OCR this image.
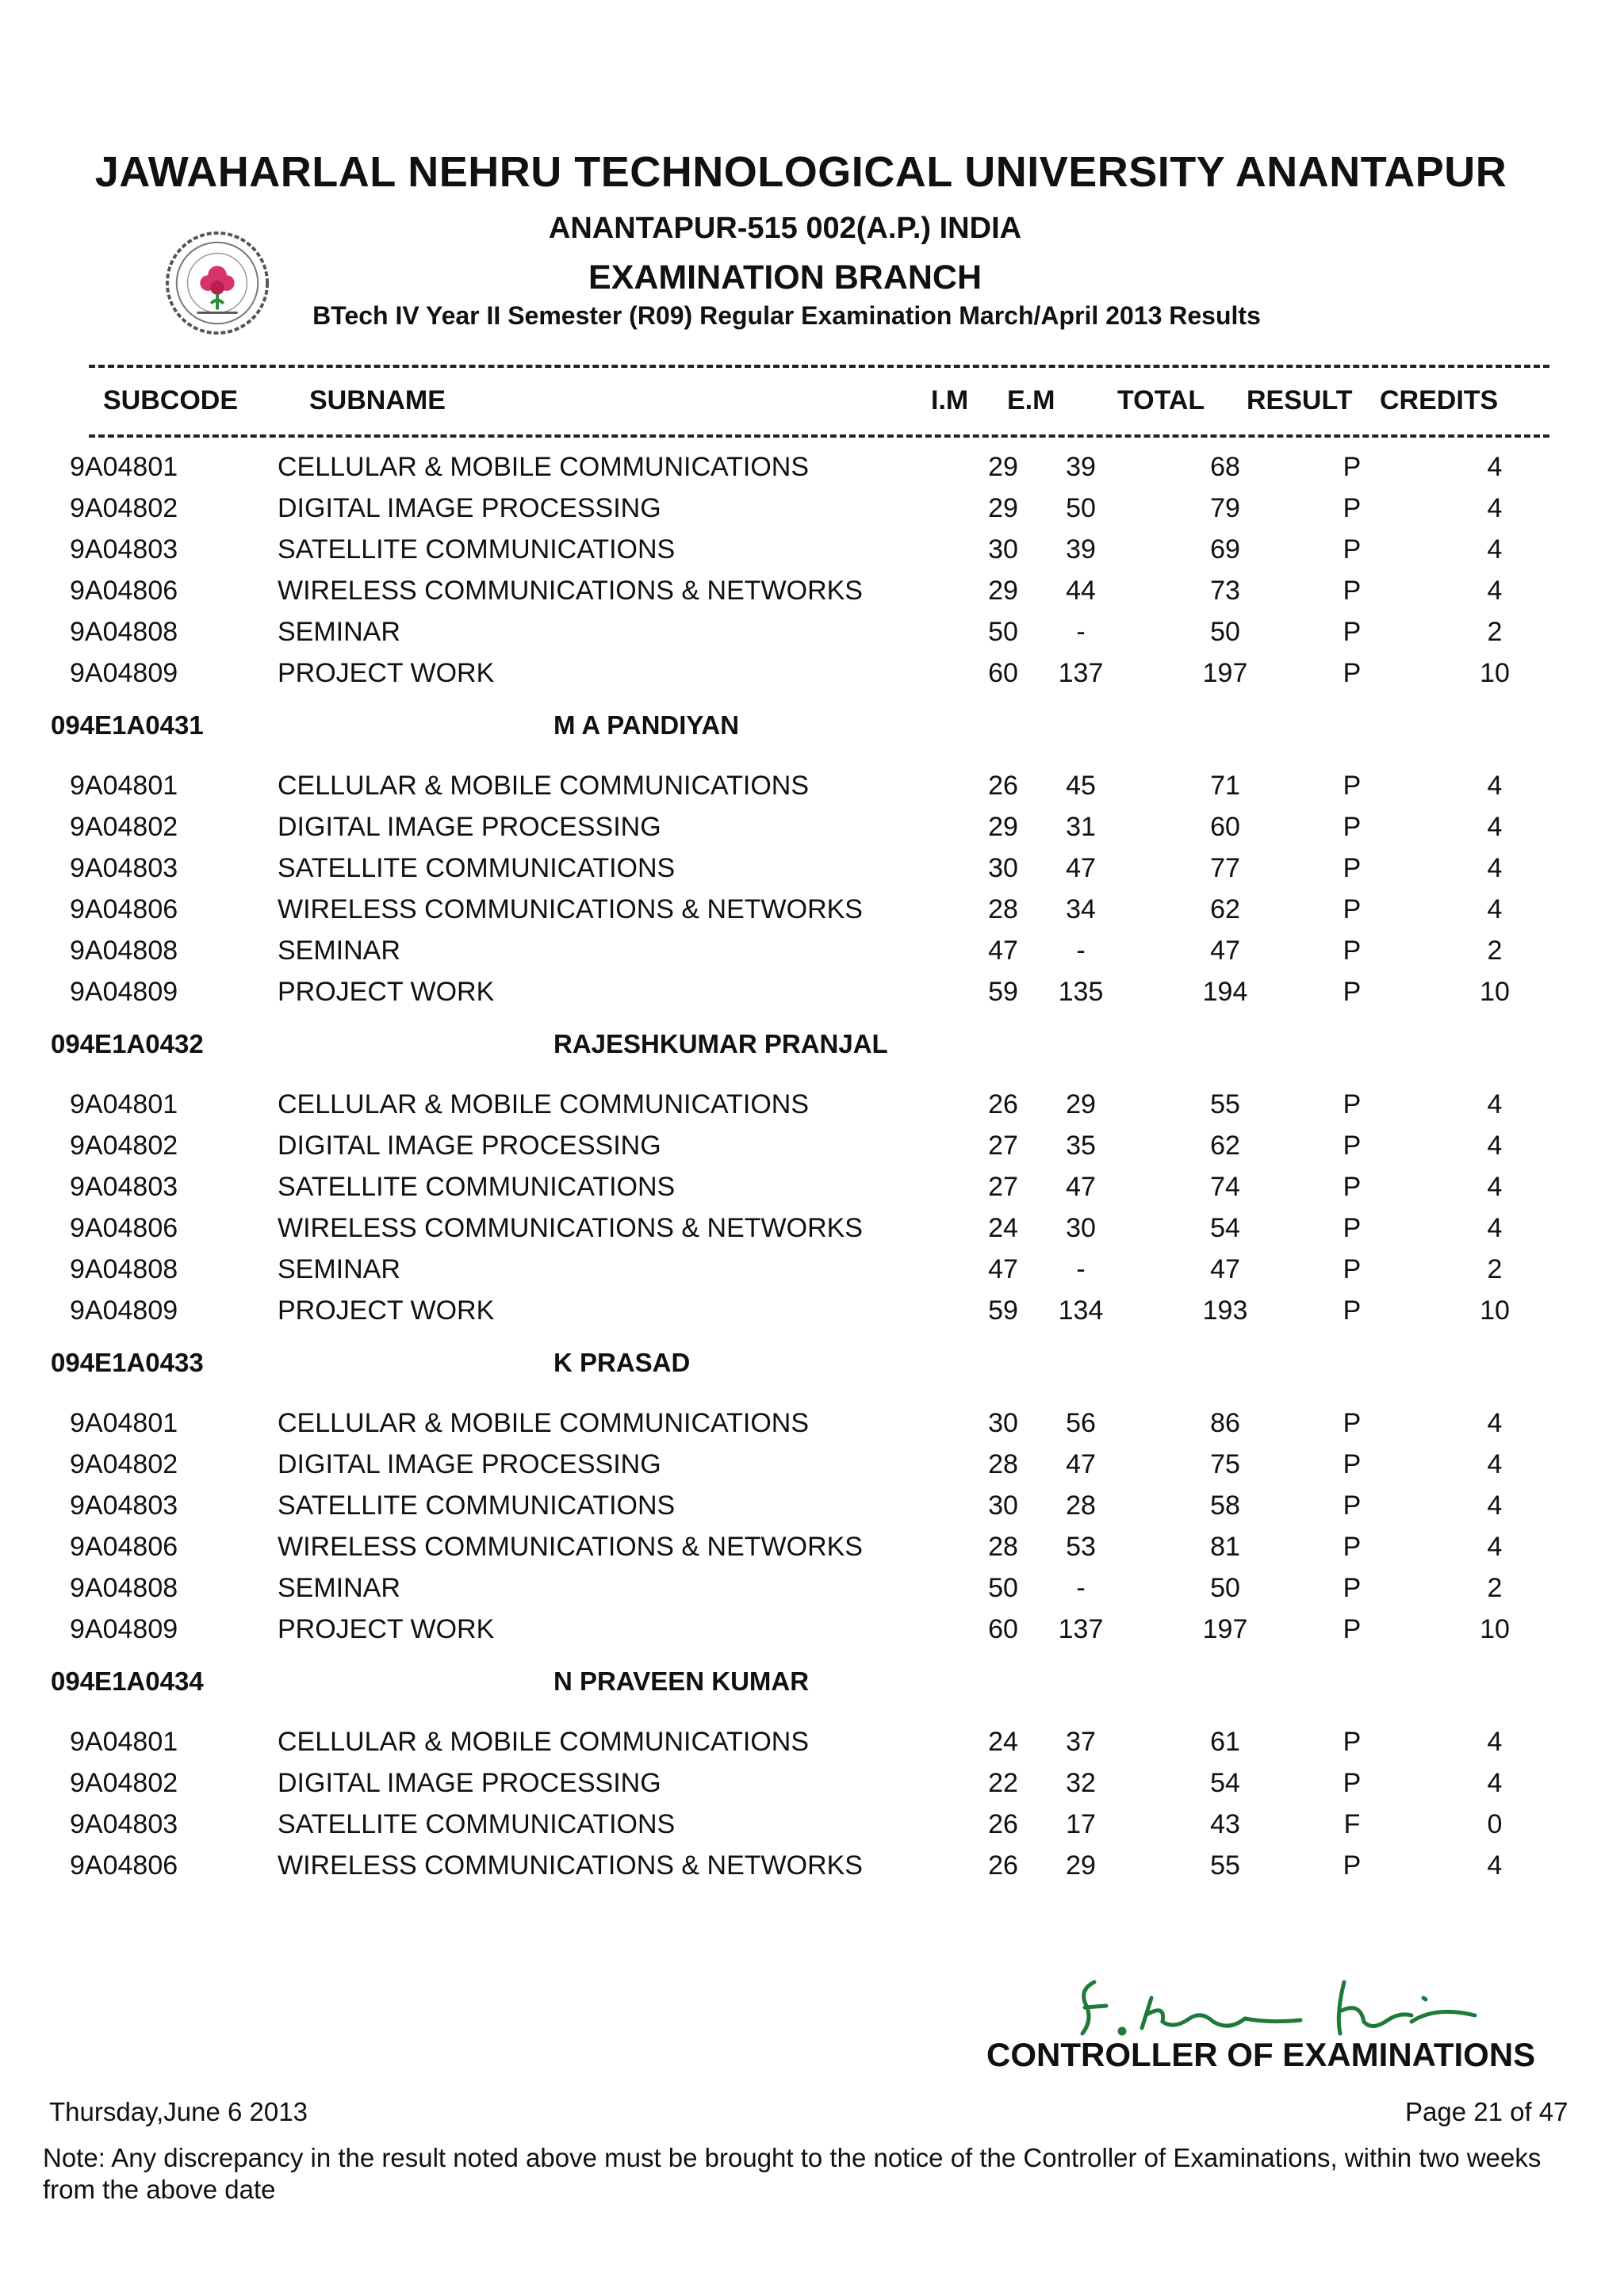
JAWAHARLAL NEHRU TECHNOLOGICAL UNIVERSITY ANANTAPUR
ANANTAPUR-515 002(A.P.) INDIA
EXAMINATION BRANCH
BTech IV Year II Semester (R09) Regular Examination March/April 2013 Results
SUBCODE	SUBNAME	I.M E.M TOTAL RESULT CREDITS
9A04801	CELLULAR & MOBILE COMMUNICATIONS	29	39	68	P	4
9A04802	DIGITAL IMAGE PROCESSING	29	50	79	P	4
9A04803	SATELLITE COMMUNICATIONS	30	39	69	P	4
9A04806	WIRELESS COMMUNICATIONS & NETWORKS	29	44	73	P	4
9A04808	SEMINAR	50	-	50	P	2
9A04809	PROJECT WORK	60	137	197	P	10
094E1A0431	M A PANDIYAN
9A04801	CELLULAR & MOBILE COMMUNICATIONS	26	45	71	P	4
9A04802	DIGITAL IMAGE PROCESSING	29	31	60	P	4
9A04803	SATELLITE COMMUNICATIONS	30	47	77	P	4
9A04806	WIRELESS COMMUNICATIONS & NETWORKS	28	34	62	P	4
9A04808	SEMINAR	47	-	47	P	2
9A04809	PROJECT WORK	59	135	194	P	10
094E1A0432	RAJESHKUMAR PRANJAL
9A04801	CELLULAR & MOBILE COMMUNICATIONS	26	29	55	P	4
9A04802	DIGITAL IMAGE PROCESSING	27	35	62	P	4
9A04803	SATELLITE COMMUNICATIONS	27	47	74	P	4
9A04806	WIRELESS COMMUNICATIONS & NETWORKS	24	30	54	P	4
9A04808	SEMINAR	47	-	47	P	2
9A04809	PROJECT WORK	59	134	193	P	10
094E1A0433	K PRASAD
9A04801	CELLULAR & MOBILE COMMUNICATIONS	30	56	86	P	4
9A04802	DIGITAL IMAGE PROCESSING	28	47	75	P	4
9A04803	SATELLITE COMMUNICATIONS	30	28	58	P	4
9A04806	WIRELESS COMMUNICATIONS & NETWORKS	28	53	81	P	4
9A04808	SEMINAR	50	-	50	P	2
9A04809	PROJECT WORK	60	137	197	P	10
094E1A0434	N PRAVEEN KUMAR
9A04801	CELLULAR & MOBILE COMMUNICATIONS	24	37	61	P	4
9A04802	DIGITAL IMAGE PROCESSING	22	32	54	P	4
9A04803	SATELLITE COMMUNICATIONS	26	17	43	F	0
9A04806	WIRELESS COMMUNICATIONS & NETWORKS	26	29	55	P	4
CONTROLLER OF EXAMINATIONS
Thursday,June 6 2013	Page 21 of 47
Note: Any discrepancy in the result noted above must be brought to the notice of the Controller of Examinations, within two weeks from the above date
